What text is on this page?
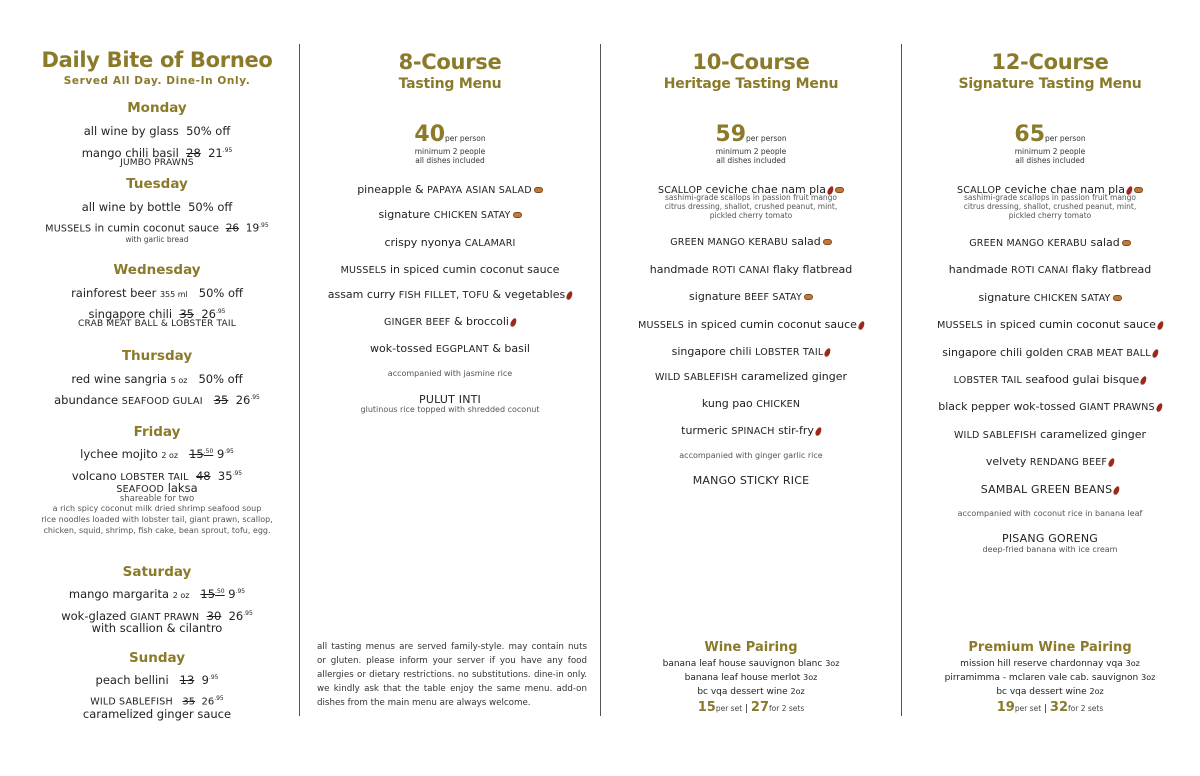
Daily Bite of Borneo
Served All Day. Dine-In Only.
Monday
all wine by glass 50% off
mango chili basil 28 $21^{.95}$
JUMBO PRAWNS
Tuesday
all wine by bottle 50% off
MUSSELS in cumin coconut sauce 26 $19^{.95}$
with garlic bread
Wednesday
rainforest beer 355 ml 50% off
singapore chili 35 $26^{.95}$
CRAB MEAT BALL & LOBSTER TAIL
Thursday
red wine sangria 5 oz 50% off
abundance SEAFOOD GULAI 35 $26^{.95}$
Friday
lychee mojito 2 oz $15^{.50}$ $9^{.95}$
volcano LOBSTER TAIL 48 $35^{.95}$
SEAFOOD laksa
shareable for two
a rich spicy coconut milk dried shrimp seafood soup
rice noodles loaded with lobster tail, giant prawn, scallop,
chicken, squid, shrimp, fish cake, bean sprout, tofu, egg.
Saturday
mango margarita 2 oz $15^{.50}$ $9^{.95}$
wok-glazed GIANT PRAWN 30 $26^{.95}$
with scallion & cilantro
Sunday
peach bellini 13 $9^{.95}$
WILD SABLEFISH 35 $26^{.95}$
caramelized ginger sauce
8-Course
Tasting Menu
40per person
minimum 2 people
all dishes included
pineapple & PAPAYA ASIAN SALAD
signature CHICKEN SATAY
crispy nyonya CALAMARI
MUSSELS in spiced cumin coconut sauce
assam curry FISH FILLET, TOFU & vegetables
GINGER BEEF & broccoli
wok-tossed EGGPLANT & basil
accompanied with jasmine rice
PULUT INTI
glutinous rice topped with shredded coconut
all tasting menus are served family-style. may contain nuts or gluten. please inform your server if you have any food allergies or dietary restrictions. no substitutions. dine-in only. we kindly ask that the table enjoy the same menu. add-on dishes from the main menu are always welcome.
10-Course
Heritage Tasting Menu
59per person
minimum 2 people
all dishes included
SCALLOP ceviche chae nam pla
sashimi-grade scallops in passion fruit mango
citrus dressing, shallot, crushed peanut, mint,
pickled cherry tomato
GREEN MANGO KERABU salad
handmade ROTI CANAI flaky flatbread
signature BEEF SATAY
MUSSELS in spiced cumin coconut sauce
singapore chili LOBSTER TAIL
WILD SABLEFISH caramelized ginger
kung pao CHICKEN
turmeric SPINACH stir-fry
accompanied with ginger garlic rice
MANGO STICKY RICE
Wine Pairing
banana leaf house sauvignon blanc 3oz
banana leaf house merlot 3oz
bc vqa dessert wine 2oz
15per set | 27for 2 sets
12-Course
Signature Tasting Menu
65per person
minimum 2 people
all dishes included
SCALLOP ceviche chae nam pla
sashimi-grade scallops in passion fruit mango
citrus dressing, shallot, crushed peanut, mint,
pickled cherry tomato
GREEN MANGO KERABU salad
handmade ROTI CANAI flaky flatbread
signature CHICKEN SATAY
MUSSELS in spiced cumin coconut sauce
singapore chili golden CRAB MEAT BALL
LOBSTER TAIL seafood gulai bisque
black pepper wok-tossed GIANT PRAWNS
WILD SABLEFISH caramelized ginger
velvety RENDANG BEEF
SAMBAL GREEN BEANS
accompanied with coconut rice in banana leaf
PISANG GORENG
deep-fried banana with ice cream
Premium Wine Pairing
mission hill reserve chardonnay vqa 3oz
pirramimma - mclaren vale cab. sauvignon 3oz
bc vqa dessert wine 2oz
19per set | 32for 2 sets
